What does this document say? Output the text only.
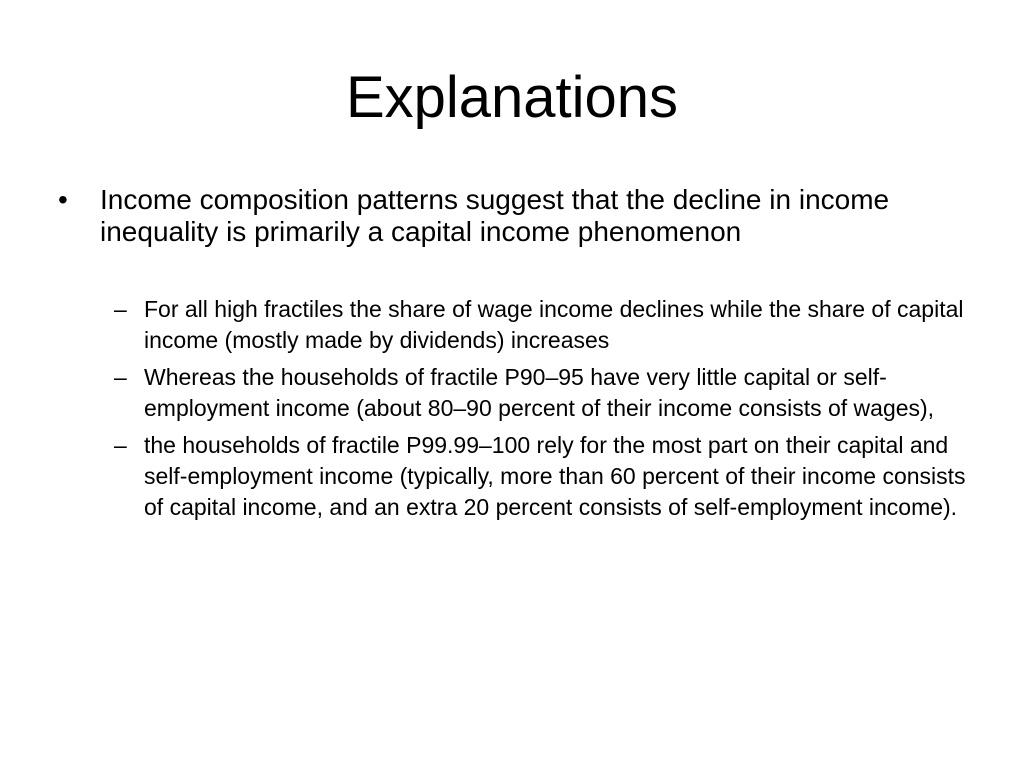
Explanations
•	Income composition patterns suggest that the decline in income inequality is primarily a capital income phenomenon
– For all high fractiles the share of wage income declines while the share of capital income (mostly made by dividends) increases
– Whereas the households of fractile P90–95 have very little capital or self-employment income (about 80–90 percent of their income consists of wages),
– the households of fractile P99.99–100 rely for the most part on their capital and self-employment income (typically, more than 60 percent of their income consists of capital income, and an extra 20 percent consists of self-employment income).
